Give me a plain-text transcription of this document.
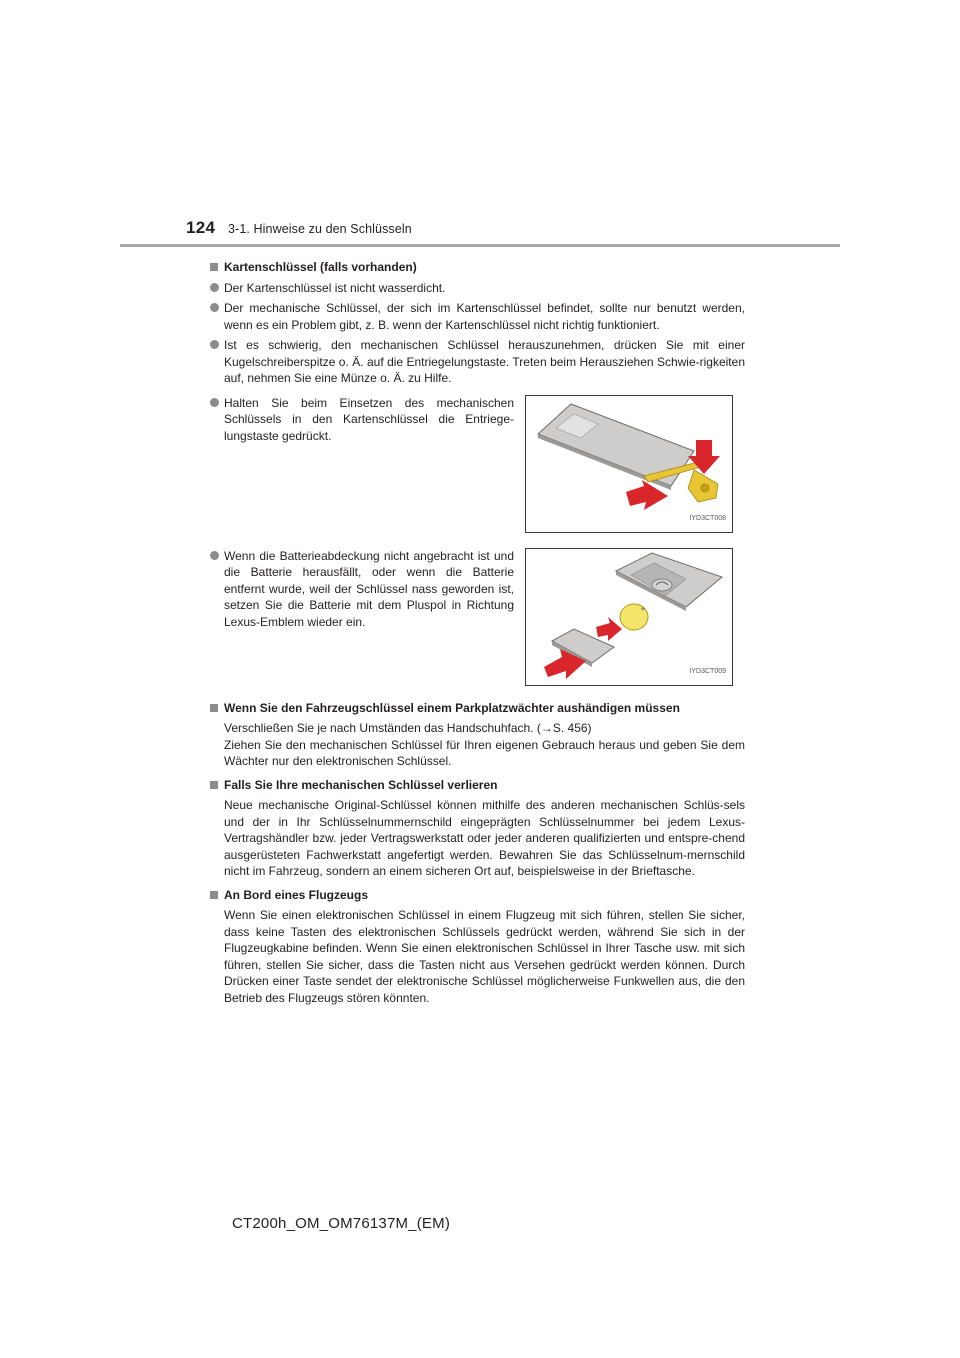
124 3-1. Hinweise zu den Schlüsseln
Kartenschlüssel (falls vorhanden)

Der Kartenschlüssel ist nicht wasserdicht.

Der mechanische Schlüssel, der sich im Kartenschlüssel befindet, sollte nur benutzt werden, wenn es ein Problem gibt, z. B. wenn der Kartenschlüssel nicht richtig funktioniert.

Ist es schwierig, den mechanischen Schlüssel herauszunehmen, drücken Sie mit einer Kugelschreiberspitze o. Ä. auf die Entriegelungstaste. Treten beim Herausziehen Schwie-rigkeiten auf, nehmen Sie eine Münze o. Ä. zu Hilfe.

Halten Sie beim Einsetzen des mechanischen Schlüssels in den Kartenschlüssel die Entriege-lungstaste gedrückt.

IYD3CT008

Wenn die Batterieabdeckung nicht angebracht ist und die Batterie herausfällt, oder wenn die Batterie entfernt wurde, weil der Schlüssel nass geworden ist, setzen Sie die Batterie mit dem Pluspol in Richtung Lexus-Emblem wieder ein.

+
IYD3CT009
Wenn Sie den Fahrzeugschlüssel einem Parkplatzwächter aushändigen müssen

Verschließen Sie je nach Umständen das Handschuhfach. (→S. 456)

Ziehen Sie den mechanischen Schlüssel für Ihren eigenen Gebrauch heraus und geben Sie dem Wächter nur den elektronischen Schlüssel.

Falls Sie Ihre mechanischen Schlüssel verlieren

Neue mechanische Original-Schlüssel können mithilfe des anderen mechanischen Schlüs-sels und der in Ihr Schlüsselnummernschild eingeprägten Schlüsselnummer bei jedem Lexus-Vertragshändler bzw. jeder Vertragswerkstatt oder jeder anderen qualifizierten und entspre-chend ausgerüsteten Fachwerkstatt angefertigt werden. Bewahren Sie das Schlüsselnum-mernschild nicht im Fahrzeug, sondern an einem sicheren Ort auf, beispielsweise in der Brieftasche.

An Bord eines Flugzeugs

Wenn Sie einen elektronischen Schlüssel in einem Flugzeug mit sich führen, stellen Sie sicher, dass keine Tasten des elektronischen Schlüssels gedrückt werden, während Sie sich in der Flugzeugkabine befinden. Wenn Sie einen elektronischen Schlüssel in Ihrer Tasche usw. mit sich führen, stellen Sie sicher, dass die Tasten nicht aus Versehen gedrückt werden können. Durch Drücken einer Taste sendet der elektronische Schlüssel möglicherweise Funkwellen aus, die den Betrieb des Flugzeugs stören könnten.

CT200h_OM_OM76137M_(EM)
